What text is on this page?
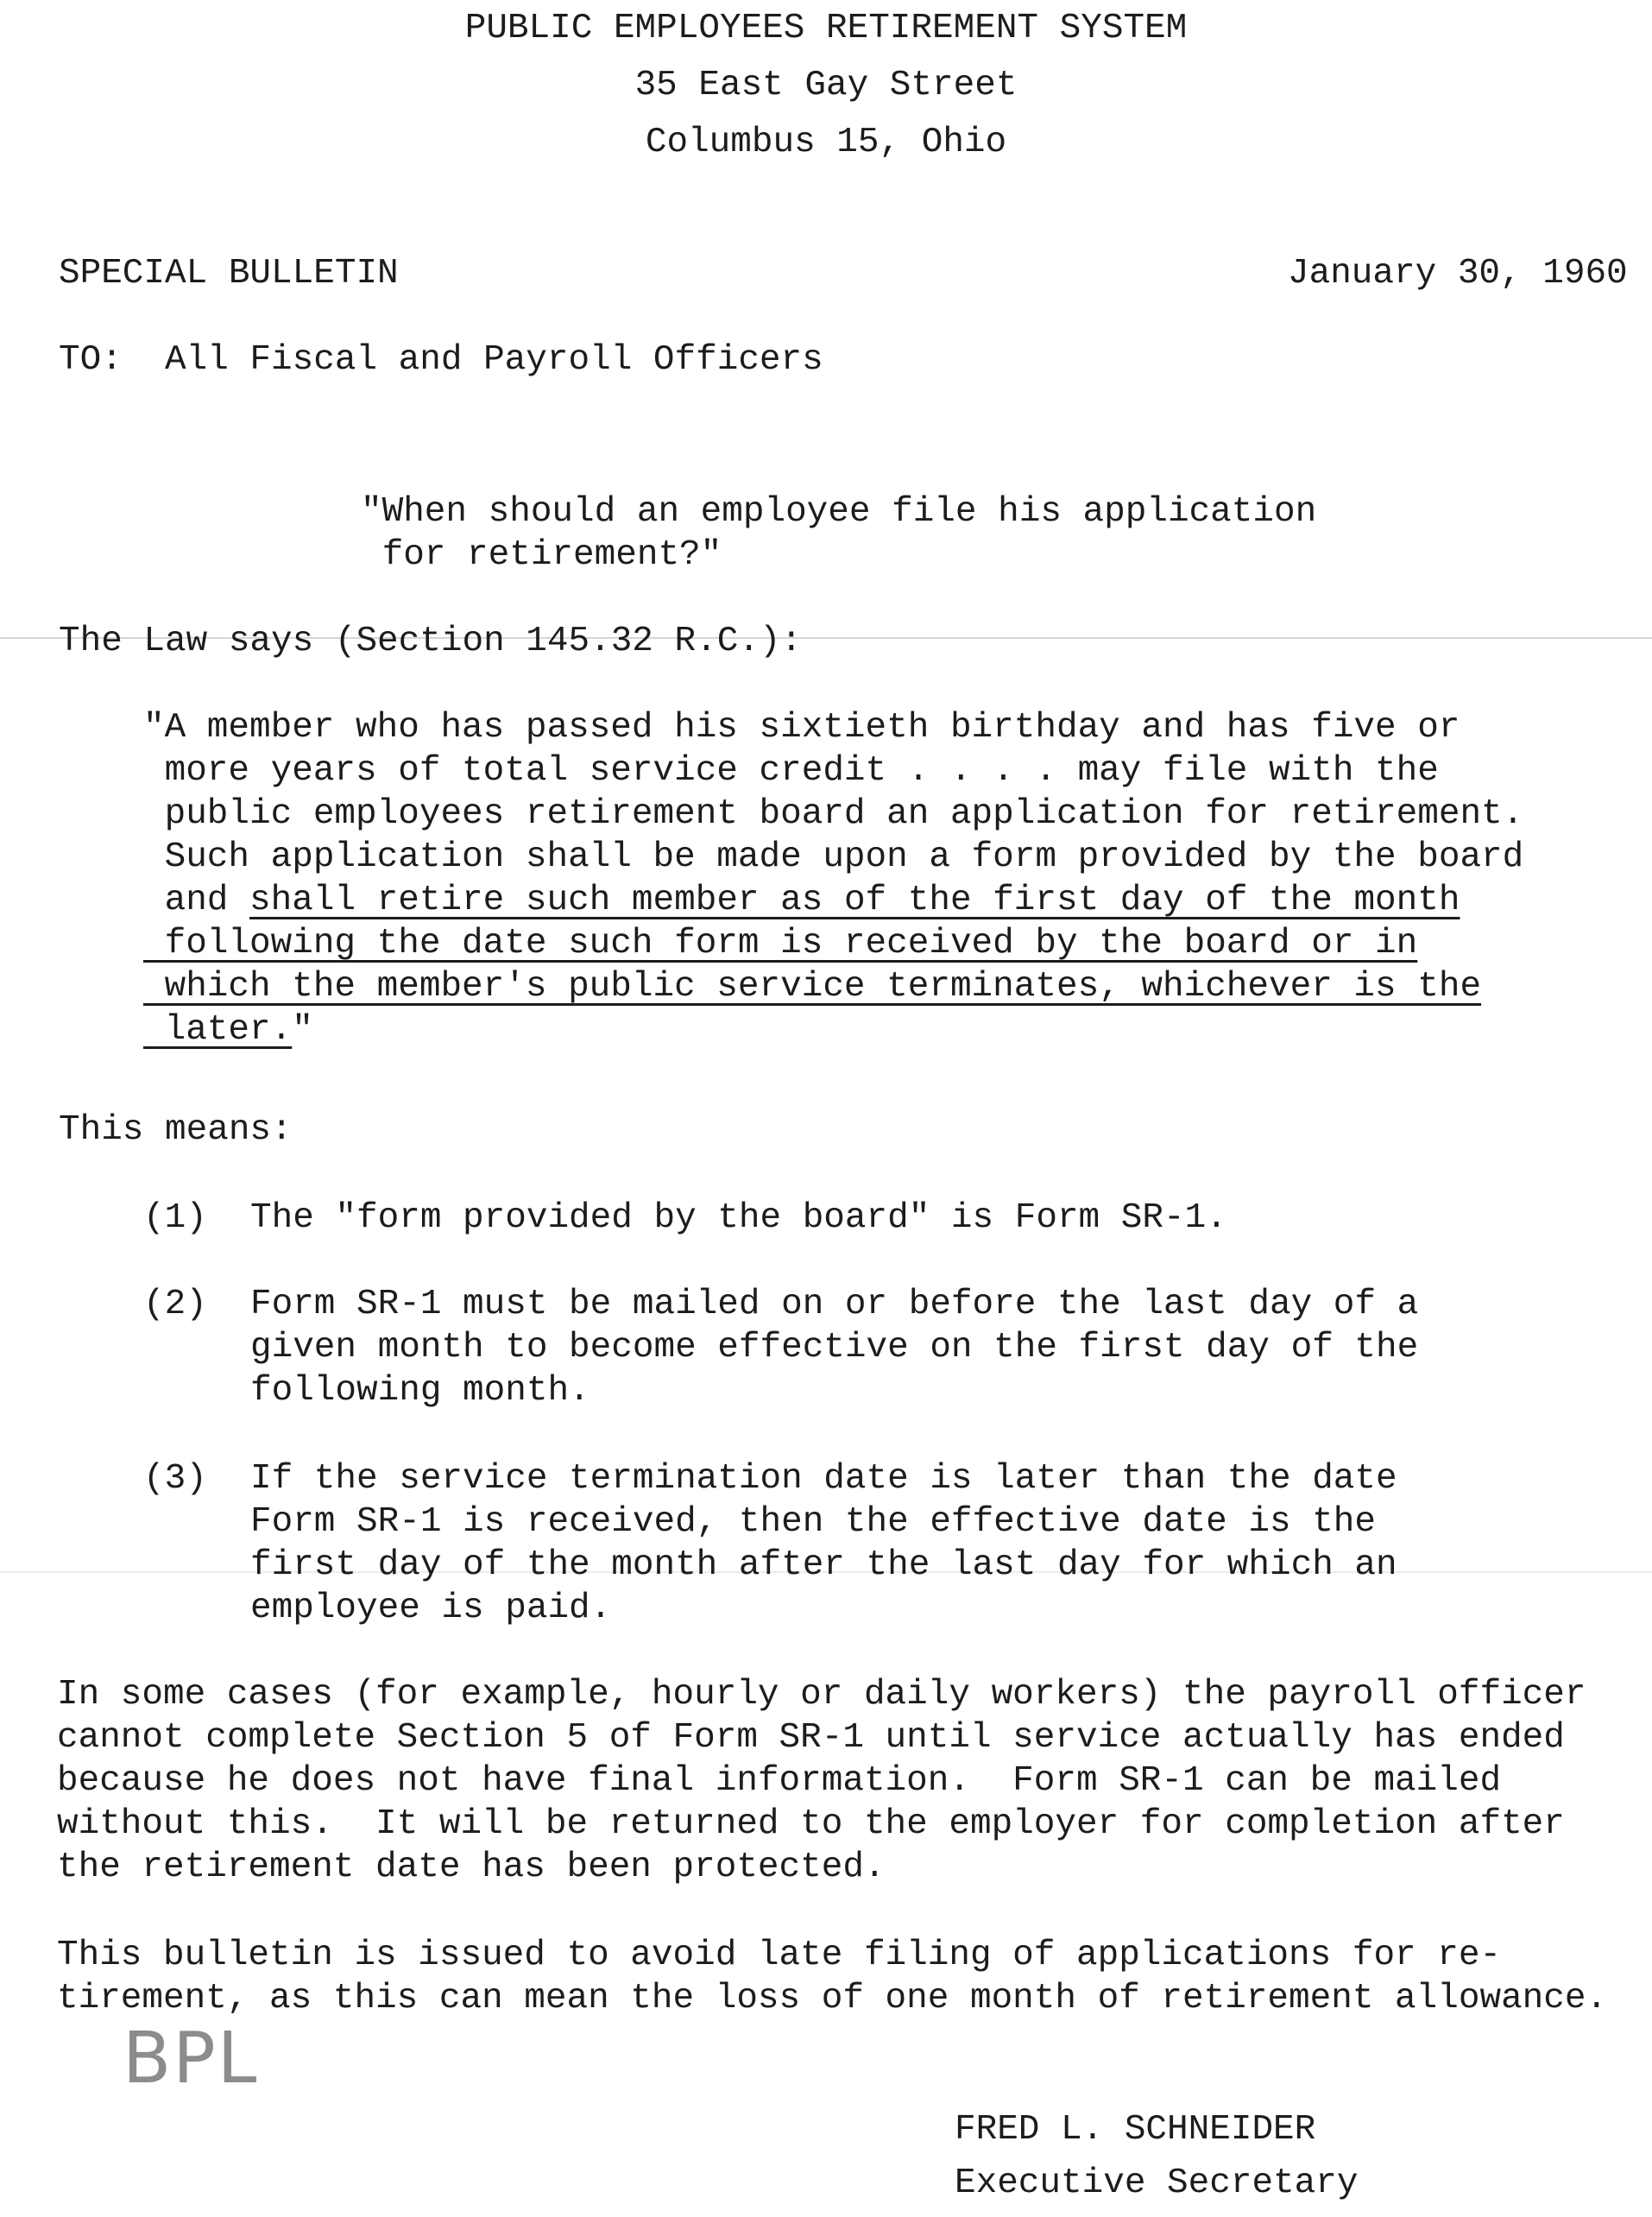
PUBLIC EMPLOYEES RETIREMENT SYSTEM
35 East Gay Street
Columbus 15, Ohio
SPECIAL BULLETIN	January 30, 1960
TO:  All Fiscal and Payroll Officers
"When should an employee file his application
for retirement?"
The Law says (Section 145.32 R.C.):
"A member who has passed his sixtieth birthday and has five or
more years of total service credit . . . . may file with the
public employees retirement board an application for retirement.
Such application shall be made upon a form provided by the board
and shall retire such member as of the first day of the month
following the date such form is received by the board or in
which the member's public service terminates, whichever is the
later."
This means:
(1) The "form provided by the board" is Form SR-1.
(2) Form SR-1 must be mailed on or before the last day of a
given month to become effective on the first day of the
following month.
(3) If the service termination date is later than the date
Form SR-1 is received, then the effective date is the
first day of the month after the last day for which an
employee is paid.
In some cases (for example, hourly or daily workers) the payroll officer
cannot complete Section 5 of Form SR-1 until service actually has ended
because he does not have final information.  Form SR-1 can be mailed
without this.  It will be returned to the employer for completion after
the retirement date has been protected.
This bulletin is issued to avoid late filing of applications for re-
tirement, as this can mean the loss of one month of retirement allowance.
BPL
FRED L. SCHNEIDER
Executive Secretary
